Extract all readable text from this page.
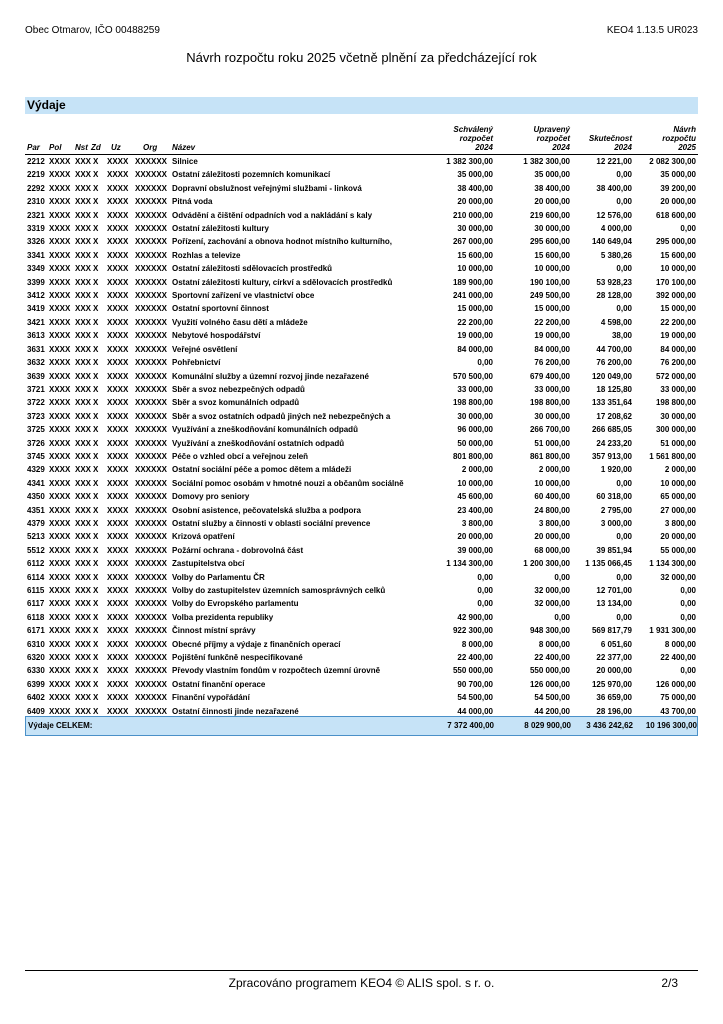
Obec Otmarov, IČO 00488259	KEO4 1.13.5 UR023
Návrh rozpočtu roku 2025 včetně plnění za předcházející rok
Výdaje
Par	Pol	Nst Zd Uz	Org	Název
Schválený
rozpočet
2024
Upravený
rozpočet
2024
Skutečnost
2024
Návrh
rozpočtu
2025
2212 XXXX XXX X	XXXX XXXXXX Silnice	1 382 300,00	1 382 300,00	12 221,00	2 082 300,00
2219 XXXX XXX X	XXXX XXXXXX Ostatní záležitosti pozemních komunikací	35 000,00	35 000,00	0,00	35 000,00
2292 XXXX XXX X	XXXX XXXXXX Dopravní obslužnost veřejnými službami - linková	38 400,00	38 400,00	38 400,00	39 200,00
2310 XXXX XXX X	XXXX XXXXXX Pitná voda	20 000,00	20 000,00	0,00	20 000,00
2321 XXXX XXX X	XXXX XXXXXX Odvádění a čištění odpadních vod a nakládání s kaly	210 000,00	219 600,00	12 576,00	618 600,00
3319 XXXX XXX X	XXXX XXXXXX Ostatní záležitosti kultury	30 000,00	30 000,00	4 000,00	0,00
3326 XXXX XXX X	XXXX XXXXXX Pořízení, zachování a obnova hodnot místního kulturního,	267 000,00	295 600,00	140 649,04	295 000,00
3341 XXXX XXX X	XXXX XXXXXX Rozhlas a televize	15 600,00	15 600,00	5 380,26	15 600,00
3349 XXXX XXX X	XXXX XXXXXX Ostatní záležitosti sdělovacích prostředků	10 000,00	10 000,00	0,00	10 000,00
3399 XXXX XXX X	XXXX XXXXXX Ostatní záležitosti kultury, církví a sdělovacích prostředků	189 900,00	190 100,00	53 928,23	170 100,00
3412 XXXX XXX X	XXXX XXXXXX Sportovní zařízení ve vlastnictví obce	241 000,00	249 500,00	28 128,00	392 000,00
3419 XXXX XXX X	XXXX XXXXXX Ostatní sportovní činnost	15 000,00	15 000,00	0,00	15 000,00
3421 XXXX XXX X	XXXX XXXXXX Využití volného času dětí a mládeže	22 200,00	22 200,00	4 598,00	22 200,00
3613 XXXX XXX X	XXXX XXXXXX Nebytové hospodářství	19 000,00	19 000,00	38,00	19 000,00
3631 XXXX XXX X	XXXX XXXXXX Veřejné osvětlení	84 000,00	84 000,00	44 700,00	84 000,00
3632 XXXX XXX X	XXXX XXXXXX Pohřebnictví	0,00	76 200,00	76 200,00	76 200,00
3639 XXXX XXX X	XXXX XXXXXX Komunální služby a územní rozvoj jinde nezařazené	570 500,00	679 400,00	120 049,00	572 000,00
3721 XXXX XXX X	XXXX XXXXXX Sběr a svoz nebezpečných odpadů	33 000,00	33 000,00	18 125,80	33 000,00
3722 XXXX XXX X	XXXX XXXXXX Sběr a svoz komunálních odpadů	198 800,00	198 800,00	133 351,64	198 800,00
3723 XXXX XXX X	XXXX XXXXXX Sběr a svoz ostatních odpadů jiných než nebezpečných a	30 000,00	30 000,00	17 208,62	30 000,00
3725 XXXX XXX X	XXXX XXXXXX Využívání a zneškodňování komunálních odpadů	96 000,00	266 700,00	266 685,05	300 000,00
3726 XXXX XXX X	XXXX XXXXXX Využívání a zneškodňování ostatních odpadů	50 000,00	51 000,00	24 233,20	51 000,00
3745 XXXX XXX X	XXXX XXXXXX Péče o vzhled obcí a veřejnou zeleň	801 800,00	861 800,00	357 913,00	1 561 800,00
4329 XXXX XXX X	XXXX XXXXXX Ostatní sociální péče a pomoc dětem a mládeži	2 000,00	2 000,00	1 920,00	2 000,00
4341 XXXX XXX X	XXXX XXXXXX Sociální pomoc osobám v hmotné nouzi a občanům sociálně	10 000,00	10 000,00	0,00	10 000,00
4350 XXXX XXX X	XXXX XXXXXX Domovy pro seniory	45 600,00	60 400,00	60 318,00	65 000,00
4351 XXXX XXX X	XXXX XXXXXX Osobní asistence, pečovatelská služba a podpora	23 400,00	24 800,00	2 795,00	27 000,00
4379 XXXX XXX X	XXXX XXXXXX Ostatní služby a činnosti v oblasti sociální prevence	3 800,00	3 800,00	3 000,00	3 800,00
5213 XXXX XXX X	XXXX XXXXXX Krizová opatření	20 000,00	20 000,00	0,00	20 000,00
5512 XXXX XXX X	XXXX XXXXXX Požární ochrana - dobrovolná část	39 000,00	68 000,00	39 851,94	55 000,00
6112 XXXX XXX X	XXXX XXXXXX Zastupitelstva obcí	1 134 300,00	1 200 300,00	1 135 066,45	1 134 300,00
6114 XXXX XXX X	XXXX XXXXXX Volby do Parlamentu ČR	0,00	0,00	0,00	32 000,00
6115 XXXX XXX X	XXXX XXXXXX Volby do zastupitelstev územních samosprávných celků	0,00	32 000,00	12 701,00	0,00
6117 XXXX XXX X	XXXX XXXXXX Volby do Evropského parlamentu	0,00	32 000,00	13 134,00	0,00
6118 XXXX XXX X	XXXX XXXXXX Volba prezidenta republiky	42 900,00	0,00	0,00	0,00
6171 XXXX XXX X	XXXX XXXXXX Činnost místní správy	922 300,00	948 300,00	569 817,79	1 931 300,00
6310 XXXX XXX X	XXXX XXXXXX Obecné příjmy a výdaje z finančních operací	8 000,00	8 000,00	6 051,60	8 000,00
6320 XXXX XXX X	XXXX XXXXXX Pojištění funkčně nespecifikované	22 400,00	22 400,00	22 377,00	22 400,00
6330 XXXX XXX X	XXXX XXXXXX Převody vlastním fondům v rozpočtech územní úrovně	550 000,00	550 000,00	20 000,00	0,00
6399 XXXX XXX X	XXXX XXXXXX Ostatní finanční operace	90 700,00	126 000,00	125 970,00	126 000,00
6402 XXXX XXX X	XXXX XXXXXX Finanční vypořádání	54 500,00	54 500,00	36 659,00	75 000,00
6409 XXXX XXX X	XXXX XXXXXX Ostatní činnosti jinde nezařazené	44 000,00	44 200,00	28 196,00	43 700,00
Výdaje CELKEM:	7 372 400,00	8 029 900,00	3 436 242,62	10 196 300,00
Zpracováno programem KEO4 © ALIS spol. s r. o.	2/3
